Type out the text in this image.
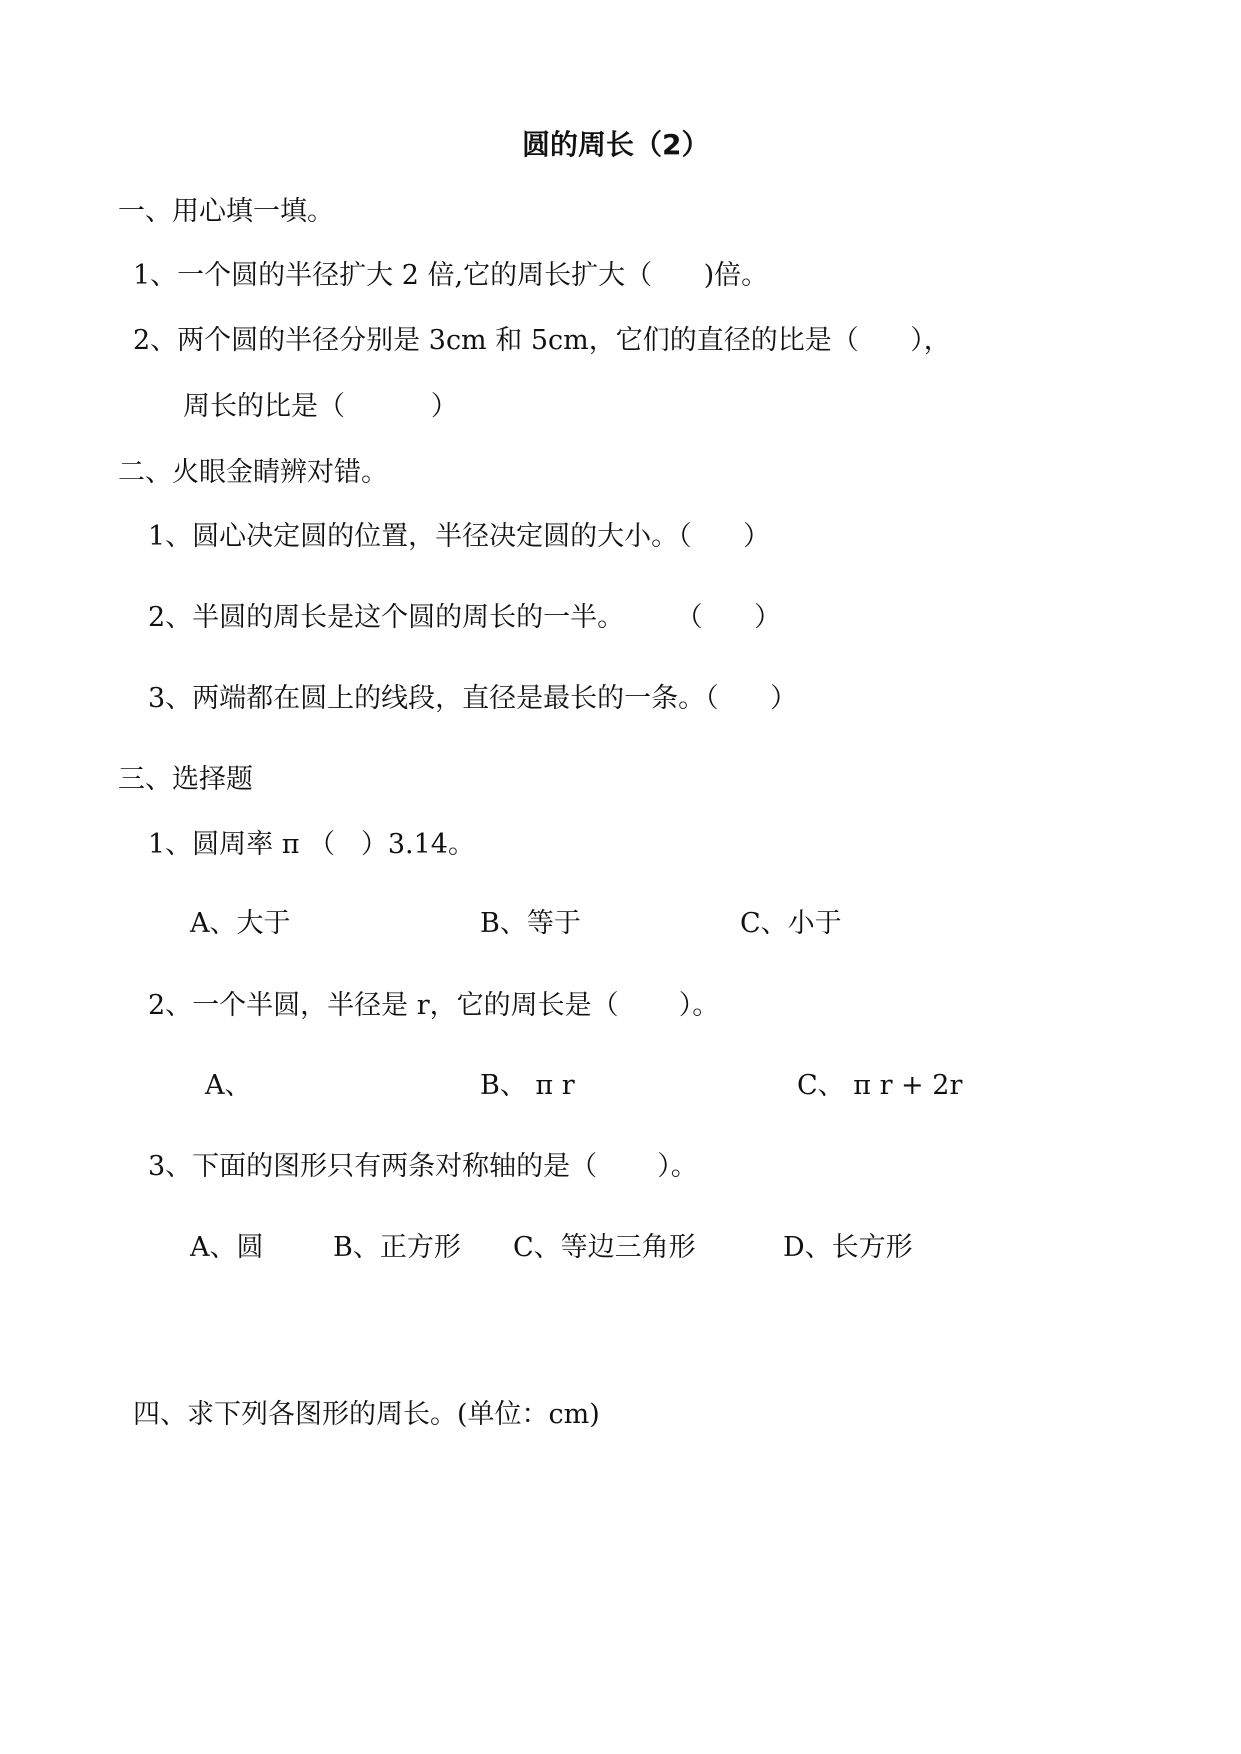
圆的周长（2）
一、用心填一填。
1、一个圆的半径扩大 2 倍,它的周长扩大（      )倍。
2、两个圆的半径分别是 3cm 和 5cm，它们的直径的比是（      ），
周长的比是（          ）
二、火眼金睛辨对错。
1、圆心决定圆的位置，半径决定圆的大小。（      ）
2、半圆的周长是这个圆的周长的一半。      （      ）
3、两端都在圆上的线段，直径是最长的一条。（      ）
三、选择题
1、圆周率 π （   ）3.14。
A、大于	B、等于	C、小于
2、一个半圆，半径是 r，它的周长是（       ）。
A、	B、 π r	C、 π r + 2r
3、下面的图形只有两条对称轴的是（       ）。
A、圆	B、正方形 C、等边三角形	D、长方形
四、求下列各图形的周长。(单位：cm)
